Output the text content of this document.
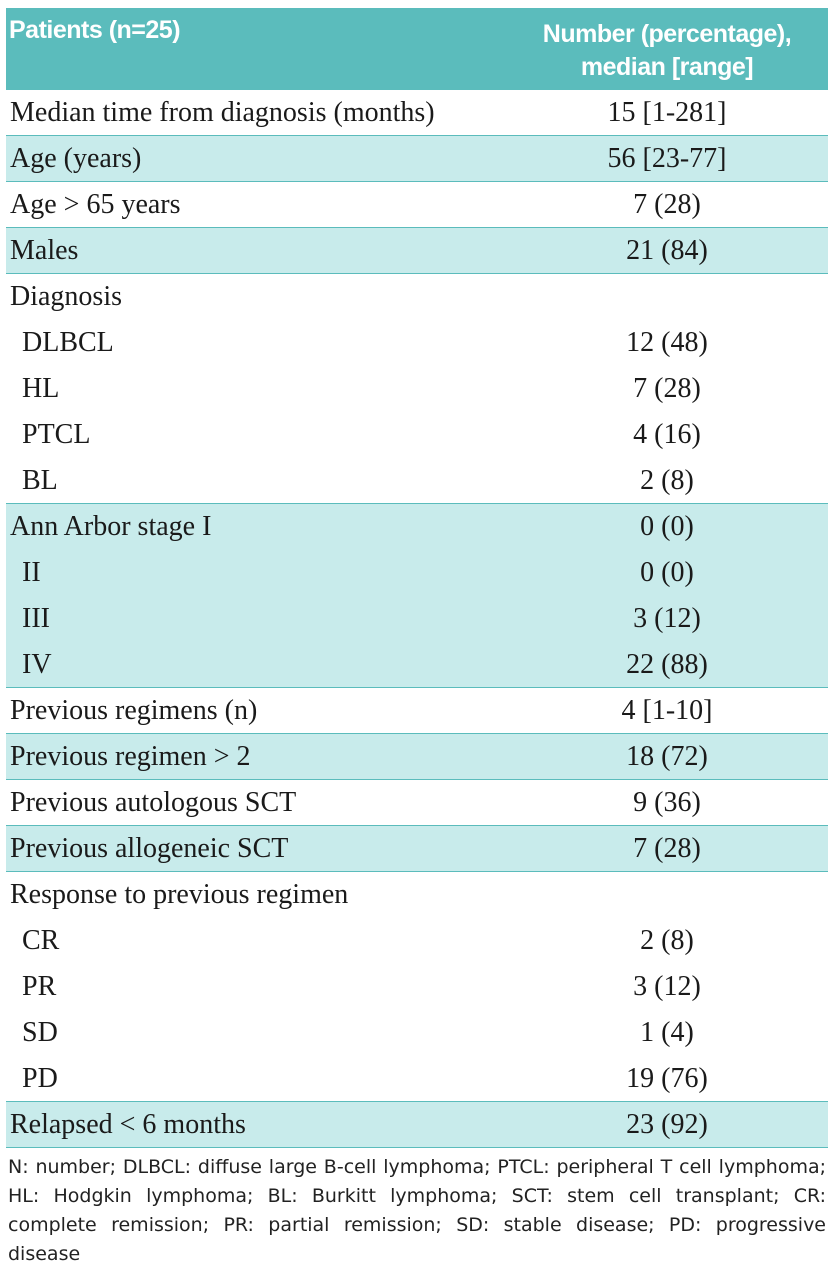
Patients (n=25)	Number (percentage),
median [range]
Median time from diagnosis (months)	15 [1-281]
Age (years)	56 [23-77]
Age > 65 years	7 (28)
Males	21 (84)
Diagnosis
DLBCL	12 (48)
HL	7 (28)
PTCL	4 (16)
BL	2 (8)
Ann Arbor stage I	0 (0)
II	0 (0)
III	3 (12)
IV	22 (88)
Previous regimens (n)	4 [1-10]
Previous regimen > 2	18 (72)
Previous autologous SCT	9 (36)
Previous allogeneic SCT	7 (28)
Response to previous regimen
CR	2 (8)
PR	3 (12)
SD	1 (4)
PD	19 (76)
Relapsed < 6 months	23 (92)
N: number; DLBCL: diffuse large B-cell lymphoma; PTCL: peripheral T cell lymphoma; HL: Hodgkin lymphoma; BL: Burkitt lymphoma; SCT: stem cell transplant; CR: complete remission; PR: partial remission; SD: stable disease; PD: progressive disease
